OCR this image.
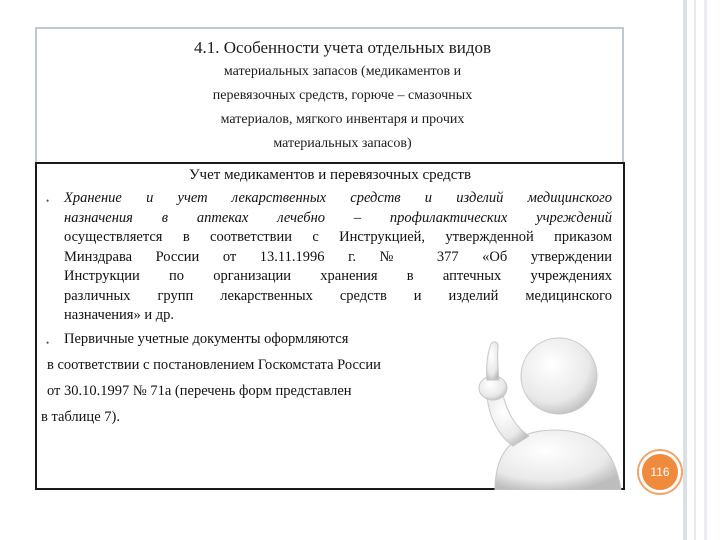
4.1. Особенности учета отдельных видов
материальных запасов (медикаментов и
перевязочных средств, горюче – смазочных
материалов, мягкого инвентаря и прочих
материальных запасов)
Учет медикаментов и перевязочных средств
• Хранение и учет лекарственных средств и изделий медицинского
назначения в аптеках лечебно – профилактических учреждений
осуществляется в соответствии с Инструкцией, утвержденной приказом
Минздрава России от 13.11.1996 г. № 377 «Об утверждении
Инструкции по организации хранения в аптечных учреждениях
различных групп лекарственных средств и изделий медицинского
назначения» и др.
• Первичные учетные документы оформляются
в соответствии с постановлением Госкомстата России
от 30.10.1997 № 71а (перечень форм представлен
в таблице 7).
116
